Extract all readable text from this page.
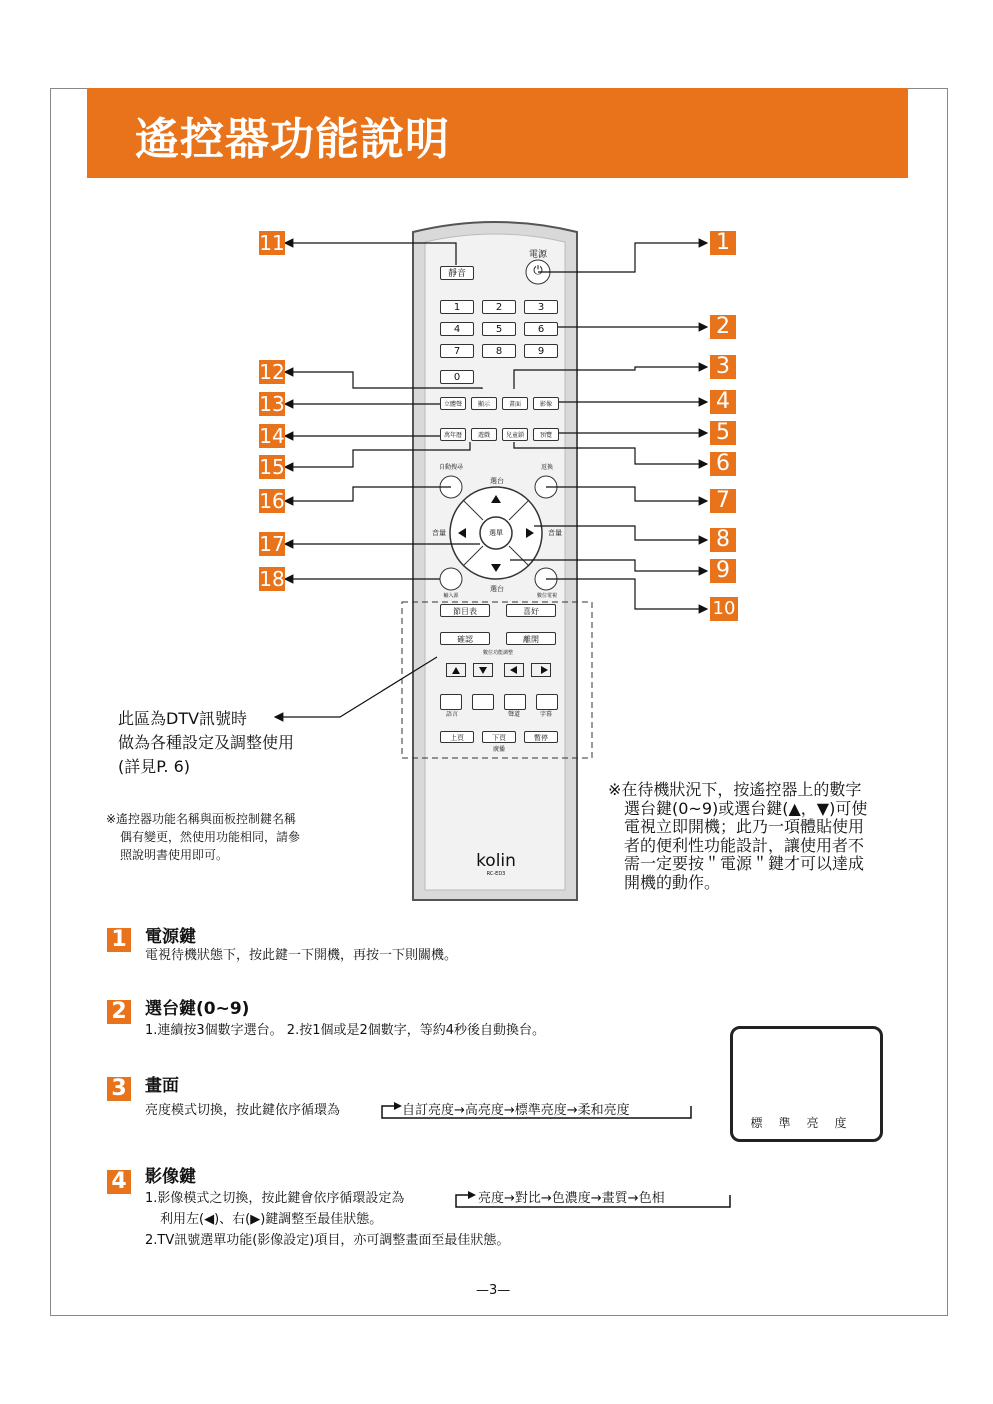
遙控器功能說明
電源
靜音	⏻
1	2	3
4	5	6
7	8	9
0
立體聲	顯示	畫面	影像
萬年曆	遊戲	兒童鎖	預覽
自動搜尋	返換
選台
音量	選單	音量
選台
輸入源	數位電視
節目表	喜好
確認	離開
數位功能調整
語言	聲道	字幕
上頁	下頁	暫停
廣播
kolin
RC-ED3
11
12
13
14
15
16
17
18
1
2
3
4
5
6
7
8
9
10
此區為DTV訊號時
做為各種設定及調整使用
(詳見P. 6)
※遙控器功能名稱與面板控制鍵名稱
偶有變更，然使用功能相同，請參
照說明書使用即可。
※在待機狀況下，按遙控器上的數字
選台鍵(0~9)或選台鍵(▲，▼)可使
電視立即開機；此乃一項體貼使用
者的便利性功能設計，讓使用者不
需一定要按＂電源＂鍵才可以達成
開機的動作。
1 電源鍵
電視待機狀態下，按此鍵一下開機，再按一下則關機。
2 選台鍵(0~9)
1.連續按3個數字選台。 2.按1個或是2個數字，等約4秒後自動換台。
3 畫面
亮度模式切換，按此鍵依序循環為	自訂亮度→高亮度→標準亮度→柔和亮度
標準亮度
4 影像鍵
1.影像模式之切換，按此鍵會依序循環設定為	亮度→對比→色濃度→畫質→色相
利用左(◀)、右(▶)鍵調整至最佳狀態。
2.TV訊號選單功能(影像設定)項目，亦可調整畫面至最佳狀態。
—3—
